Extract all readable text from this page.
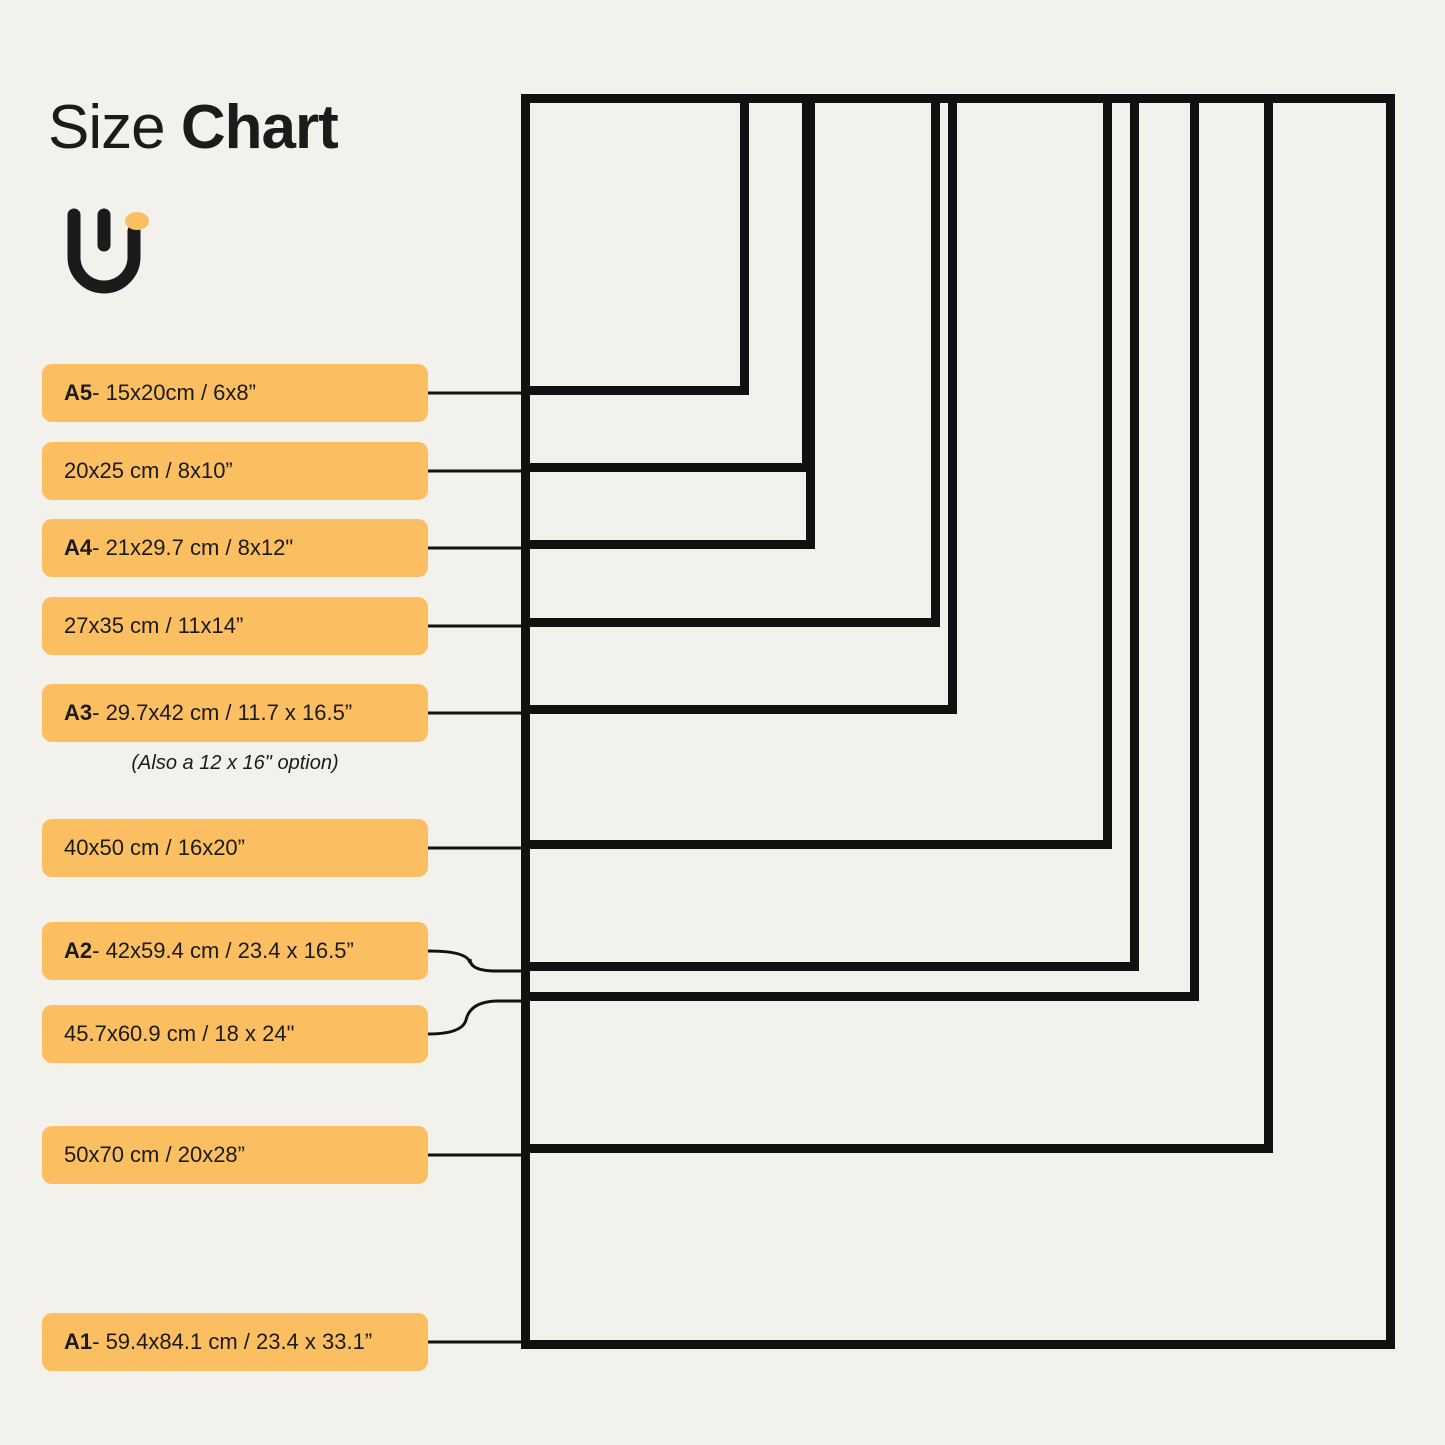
Size Chart
A5 - 15x20cm / 6x8”
20x25 cm / 8x10”
A4 - 21x29.7 cm / 8x12"
27x35 cm / 11x14”
A3 - 29.7x42 cm / 11.7 x 16.5”
(Also a 12 x 16" option)
40x50 cm / 16x20”
A2 - 42x59.4 cm / 23.4 x 16.5”
45.7x60.9 cm / 18 x 24"
50x70 cm / 20x28”
A1 - 59.4x84.1 cm / 23.4 x 33.1”
